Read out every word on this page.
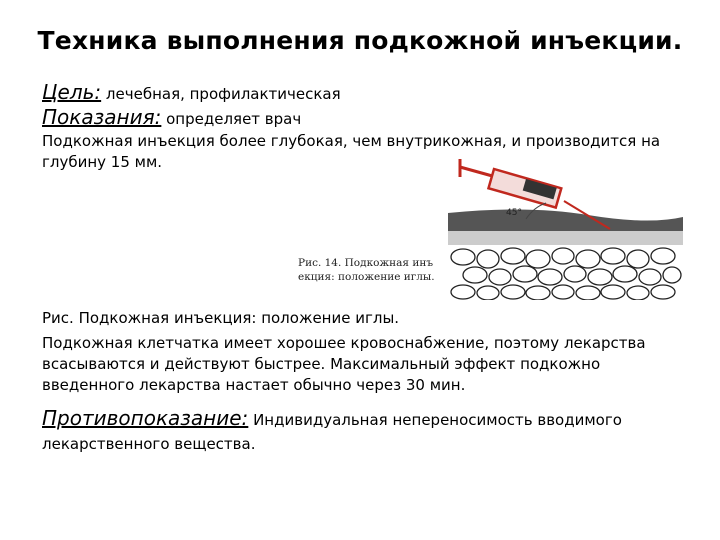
Техника выполнения подкожной инъекции.
Цель: лечебная, профилактическая
Показания: определяет врач
Подкожная инъекция более глубокая, чем внутрикожная, и производится на глубину 15 мм.
45°
Рис. 14. Подкожная инъ
екция: положение иглы.
Рис. Подкожная инъекция: положение иглы.
Подкожная клетчатка имеет хорошее кровоснабжение, поэтому лекарства всасываются и действуют быстрее. Максимальный эффект подкожно введенного лекарства настает обычно через 30 мин.
Противопоказание: Индивидуальная непереносимость вводимого лекарственного вещества.
